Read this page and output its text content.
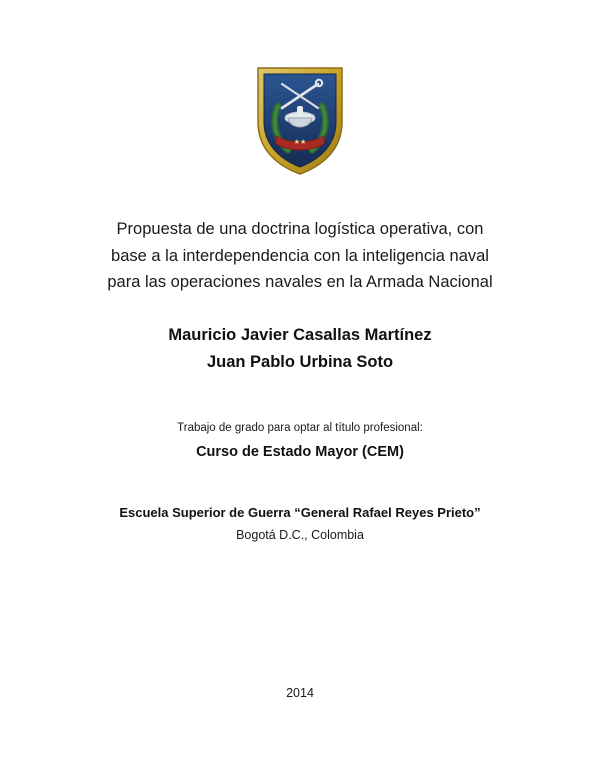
★★
Propuesta de una doctrina logística operativa, con
base a la interdependencia con la inteligencia naval
para las operaciones navales en la Armada Nacional
Mauricio Javier Casallas Martínez
Juan Pablo Urbina Soto
Trabajo de grado para optar al título profesional:
Curso de Estado Mayor (CEM)
Escuela Superior de Guerra “General Rafael Reyes Prieto”
Bogotá D.C., Colombia
2014
